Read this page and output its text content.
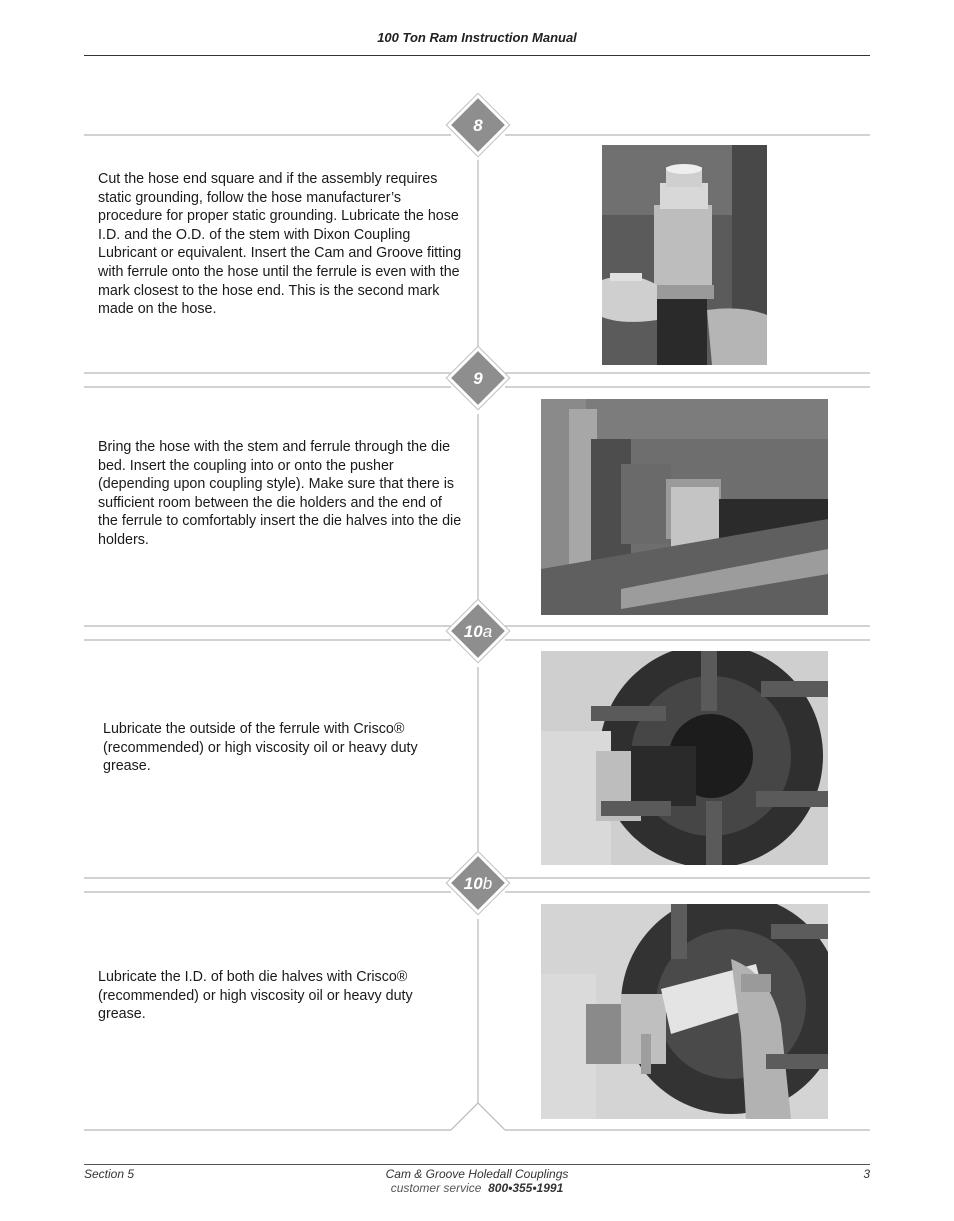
100 Ton Ram Instruction Manual
8
9
10a
10b

Cut the hose end square and if the assembly requires static grounding, follow the hose manufacturer’s procedure for proper static grounding. Lubricate the hose I.D. and the O.D. of the stem with Dixon Coupling Lubricant or equivalent. Insert the Cam and Groove fitting with ferrule onto the hose until the ferrule is even with the mark closest to the hose end. This is the second mark made on the hose.

Bring the hose with the stem and ferrule through the die bed. Insert the coupling into or onto the pusher (depending upon coupling style). Make sure that there is sufficient room between the die holders and the end of the ferrule to comfortably insert the die halves into the die holders.

Lubricate the outside of the ferrule with Crisco® (recommended) or high viscosity oil or heavy duty grease.

Lubricate the I.D. of both die halves with Crisco® (recommended) or high viscosity oil or heavy duty grease.

Section 5	Cam & Groove Holedall Couplings
customer service 800•355•1991
3
